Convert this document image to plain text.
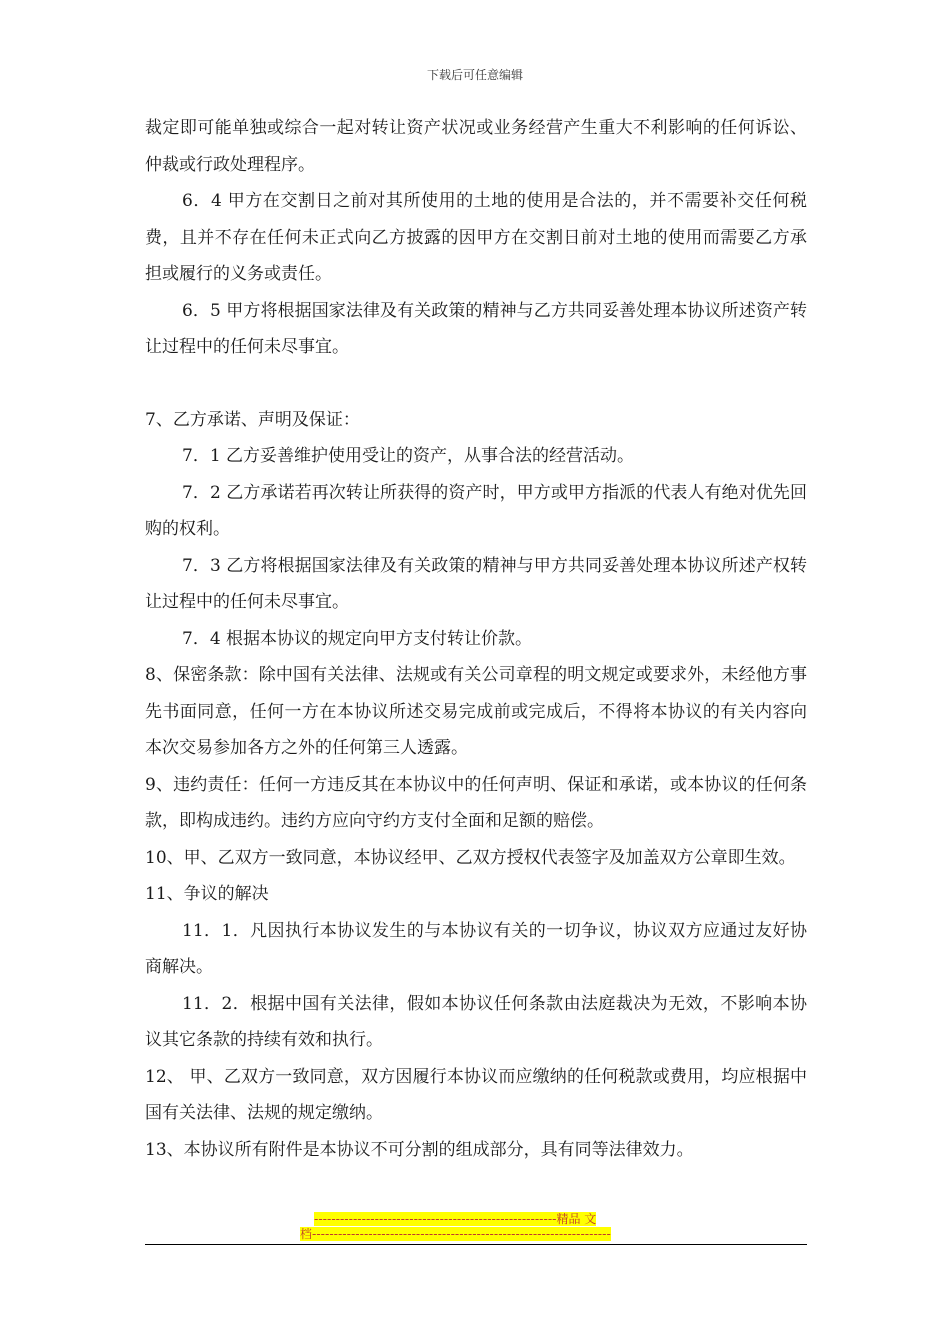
下载后可任意编辑

裁定即可能单独或综合一起对转让资产状况或业务经营产生重大不利影响的任何诉讼、仲裁或行政处理程序。

6．4 甲方在交割日之前对其所使用的土地的使用是合法的，并不需要补交任何税费，且并不存在任何未正式向乙方披露的因甲方在交割日前对土地的使用而需要乙方承担或履行的义务或责任。

6．5 甲方将根据国家法律及有关政策的精神与乙方共同妥善处理本协议所述资产转让过程中的任何未尽事宜。

7、乙方承诺、声明及保证：

7．1 乙方妥善维护使用受让的资产，从事合法的经营活动。

7．2 乙方承诺若再次转让所获得的资产时，甲方或甲方指派的代表人有绝对优先回购的权利。

7．3 乙方将根据国家法律及有关政策的精神与甲方共同妥善处理本协议所述产权转让过程中的任何未尽事宜。

7．4 根据本协议的规定向甲方支付转让价款。

8、保密条款：除中国有关法律、法规或有关公司章程的明文规定或要求外，未经他方事先书面同意，任何一方在本协议所述交易完成前或完成后，不得将本协议的有关内容向本次交易参加各方之外的任何第三人透露。

9、违约责任：任何一方违反其在本协议中的任何声明、保证和承诺，或本协议的任何条款，即构成违约。违约方应向守约方支付全面和足额的赔偿。

10、甲、乙双方一致同意，本协议经甲、乙双方授权代表签字及加盖双方公章即生效。

11、争议的解决

11．1．凡因执行本协议发生的与本协议有关的一切争议，协议双方应通过友好协商解决。

11．2．根据中国有关法律，假如本协议任何条款由法庭裁决为无效，不影响本协议其它条款的持续有效和执行。

12、 甲、乙双方一致同意，双方因履行本协议而应缴纳的任何税款或费用，均应根据中国有关法律、法规的规定缴纳。

13、本协议所有附件是本协议不可分割的组成部分，具有同等法律效力。

--------------------------------------------------------精品 文
档---------------------------------------------------------------------
